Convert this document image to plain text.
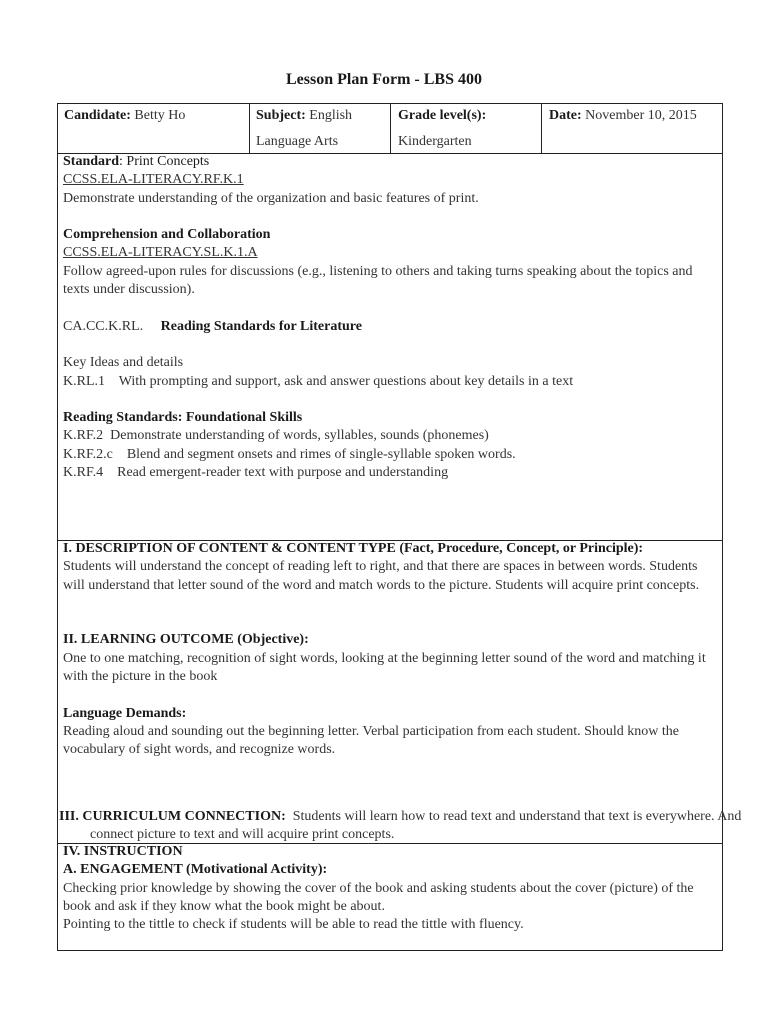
Lesson Plan Form - LBS 400
Candidate: Betty Ho	Subject: English
Language Arts
Grade level(s):
Kindergarten
Date: November 10, 2015

Standard: Print Concepts

CCSS.ELA-LITERACY.RF.K.1

Demonstrate understanding of the organization and basic features of print.

Comprehension and Collaboration

CCSS.ELA-LITERACY.SL.K.1.A

Follow agreed-upon rules for discussions (e.g., listening to others and taking turns speaking about the topics and texts under discussion).

CA.CC.K.RL. Reading Standards for Literature

Key Ideas and details

K.RL.1    With prompting and support, ask and answer questions about key details in a text

Reading Standards: Foundational Skills

K.RF.2  Demonstrate understanding of words, syllables, sounds (phonemes)

K.RF.2.c    Blend and segment onsets and rimes of single-syllable spoken words.

K.RF.4    Read emergent-reader text with purpose and understanding

I. DESCRIPTION OF CONTENT & CONTENT TYPE (Fact, Procedure, Concept, or Principle):

Students will understand the concept of reading left to right, and that there are spaces in between words. Students will understand that letter sound of the word and match words to the picture. Students will acquire print concepts.

II. LEARNING OUTCOME (Objective):

One to one matching, recognition of sight words, looking at the beginning letter sound of the word and matching it with the picture in the book

Language Demands:

Reading aloud and sounding out the beginning letter. Verbal participation from each student. Should know the vocabulary of sight words, and recognize words.

III. CURRICULUM CONNECTION: Students will learn how to read text and understand that text is everywhere. And connect picture to text and will acquire print concepts.

IV. INSTRUCTION

A. ENGAGEMENT (Motivational Activity):

Checking prior knowledge by showing the cover of the book and asking students about the cover (picture) of the book and ask if they know what the book might be about.

Pointing to the tittle to check if students will be able to read the tittle with fluency.
